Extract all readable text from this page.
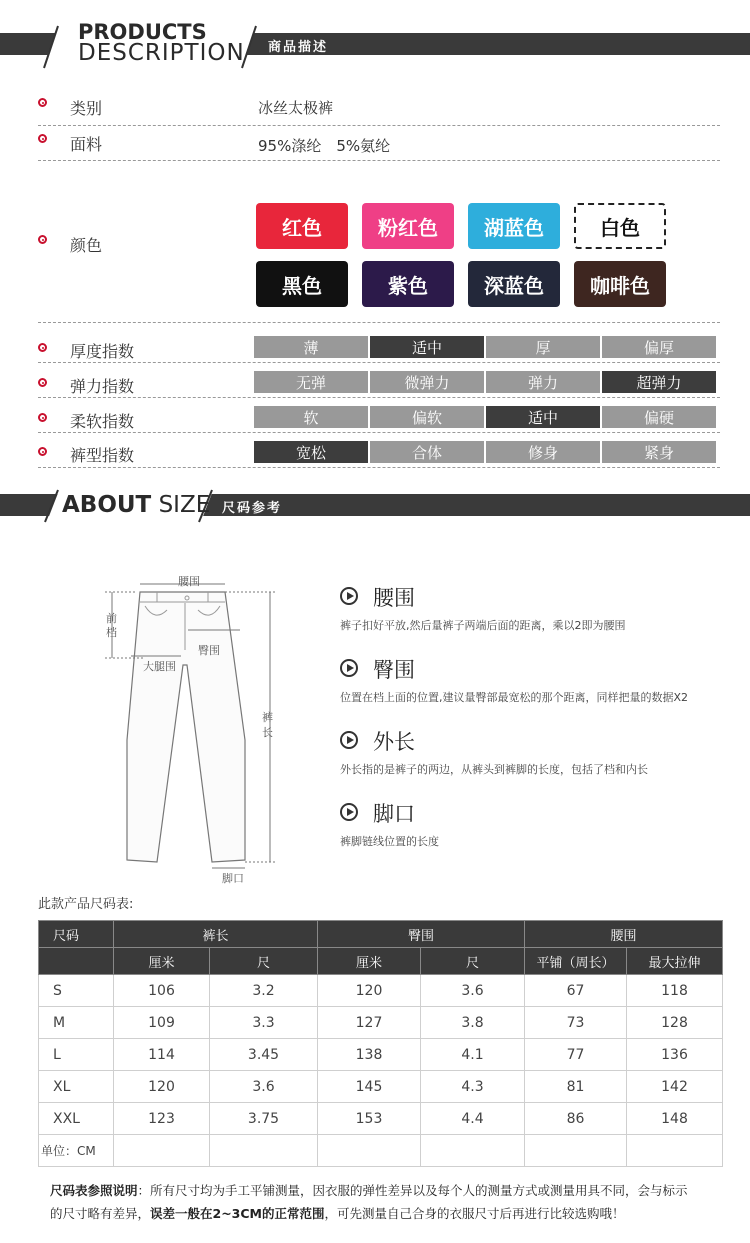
PRODUCTS
DESCRIPTION 商品描述
类别	冰丝太极裤
面料	95%涤纶　5%氨纶
颜色
红色	粉红色	湖蓝色	白色
黑色	紫色	深蓝色	咖啡色
厚度指数	薄	适中	厚	偏厚
弹力指数	无弹	微弹力	弹力	超弹力
柔软指数	软	偏软	适中	偏硬
裤型指数	宽松	合体	修身	紧身
ABOUT SIZE 尺码参考
腰围
前档
臀围
大腿围
裤长
脚口
腰围
裤子扣好平放,然后量裤子两端后面的距离，乘以2即为腰围
臀围
位置在档上面的位置,建议量臀部最宽松的那个距离，同样把量的数据X2
外长
外长指的是裤子的两边，从裤头到裤脚的长度，包括了档和内长
脚口
裤脚链线位置的长度
此款产品尺码表:
尺码	裤长		臀围		腰围	
	厘米	尺	厘米	尺	平铺（周长）	最大拉伸
S	106	3.2	120	3.6	67	118
M	109	3.3	127	3.8	73	128
L	114	3.45	138	4.1	77	136
XL	120	3.6	145	4.3	81	142
XXL	123	3.75	153	4.4	86	148
单位：CM						
尺码表参照说明：所有尺寸均为手工平铺测量，因衣服的弹性差异以及每个人的测量方式或测量用具不同，会与标示
的尺寸略有差异，误差一般在2~3CM的正常范围，可先测量自己合身的衣服尺寸后再进行比较选购哦！
